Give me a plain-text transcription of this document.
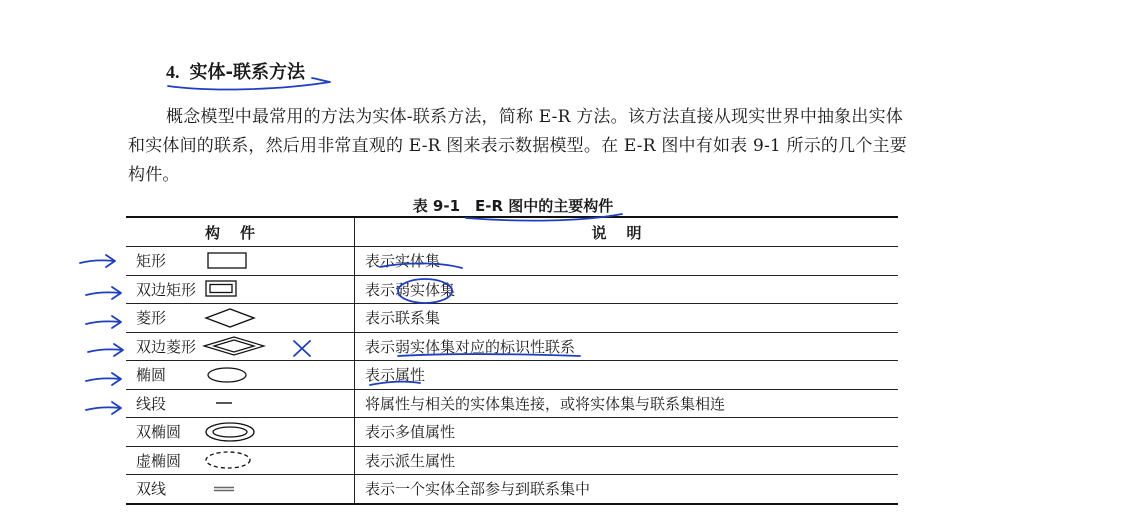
4. 实体-联系方法

概念模型中最常用的方法为实体-联系方法，简称 E-R 方法。该方法直接从现实世界中抽象出实体和实体间的联系，然后用非常直观的 E-R 图来表示数据模型。在 E-R 图中有如表 9-1 所示的几个主要构件。

表 9-1　E-R 图中的主要构件
构件	说明
矩形	表示实体集
双边矩形	表示弱实体集
菱形	表示联系集
双边菱形	表示弱实体集对应的标识性联系
椭圆	表示属性
线段	将属性与相关的实体集连接，或将实体集与联系集相连
双椭圆	表示多值属性
虚椭圆	表示派生属性
双线	表示一个实体全部参与到联系集中
